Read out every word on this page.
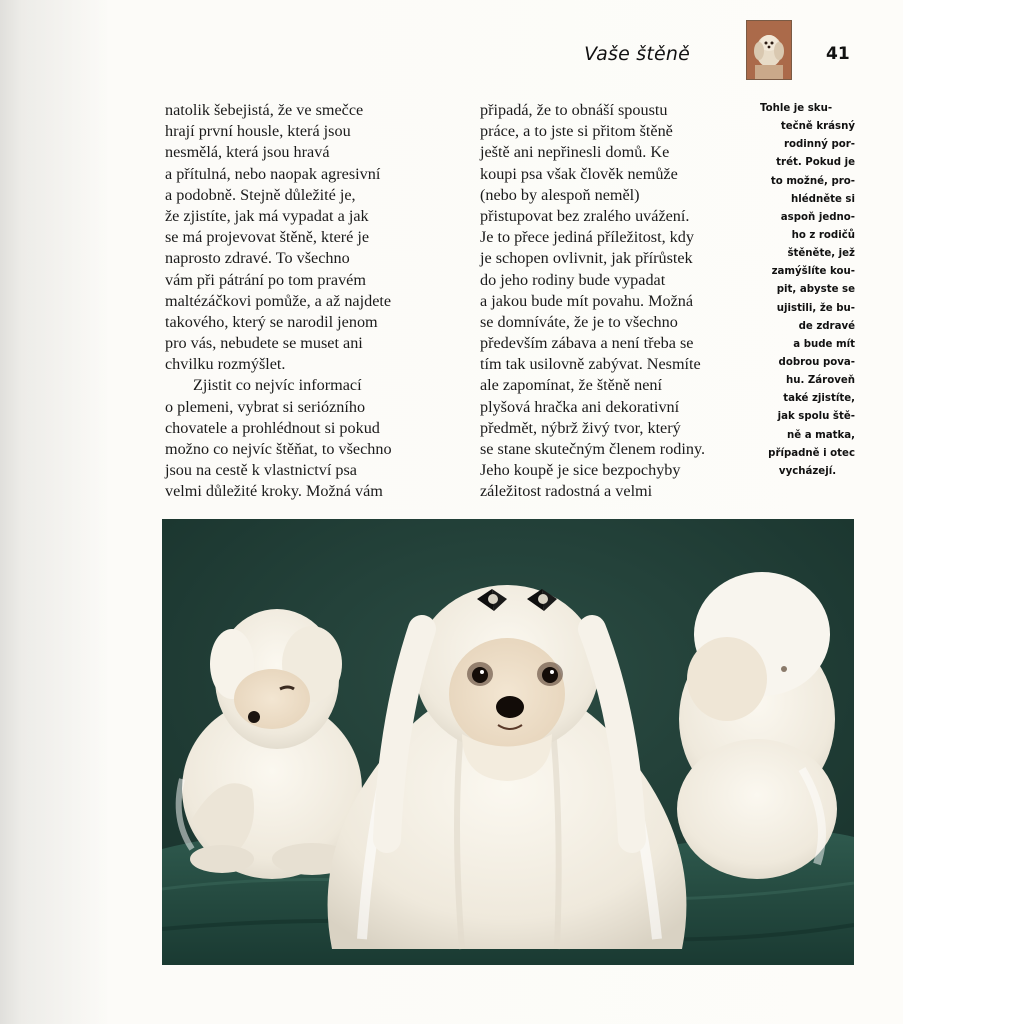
Vaše štěně	41

natolik šebejistá, že ve smečce
hrají první housle, která jsou
nesmělá, která jsou hravá
a přítulná, nebo naopak agresivní
a podobně. Stejně důležité je,
že zjistíte, jak má vypadat a jak
se má projevovat štěně, které je
naprosto zdravé. To všechno
vám při pátrání po tom pravém
maltézáčkovi pomůže, a až najdete
takového, který se narodil jenom
pro vás, nebudete se muset ani
chvilku rozmýšlet.

Zjistit co nejvíc informací
o plemeni, vybrat si seriózního
chovatele a prohlédnout si pokud
možno co nejvíc štěňat, to všechno
jsou na cestě k vlastnictví psa
velmi důležité kroky. Možná vám

připadá, že to obnáší spoustu
práce, a to jste si přitom štěně
ještě ani nepřinesli domů. Ke
koupi psa však člověk nemůže
(nebo by alespoň neměl)
přistupovat bez zralého uvážení.
Je to přece jediná příležitost, kdy
je schopen ovlivnit, jak přírůstek
do jeho rodiny bude vypadat
a jakou bude mít povahu. Možná
se domníváte, že je to všechno
především zábava a není třeba se
tím tak usilovně zabývat. Nesmíte
ale zapomínat, že štěně není
plyšová hračka ani dekorativní
předmět, nýbrž živý tvor, který
se stane skutečným členem rodiny.
Jeho koupě je sice bezpochyby
záležitost radostná a velmi

Tohle je sku-
tečně krásný
rodinný por-
trét. Pokud je
to možné, pro-
hlédněte si
aspoň jedno-
ho z rodičů
štěněte, jež
zamýšlíte kou-
pit, abyste se
ujistili, že bu-
de zdravé
a bude mít
dobrou pova-
hu. Zároveň
také zjistíte,
jak spolu ště-
ně a matka,
případně i otec
vycházejí.
